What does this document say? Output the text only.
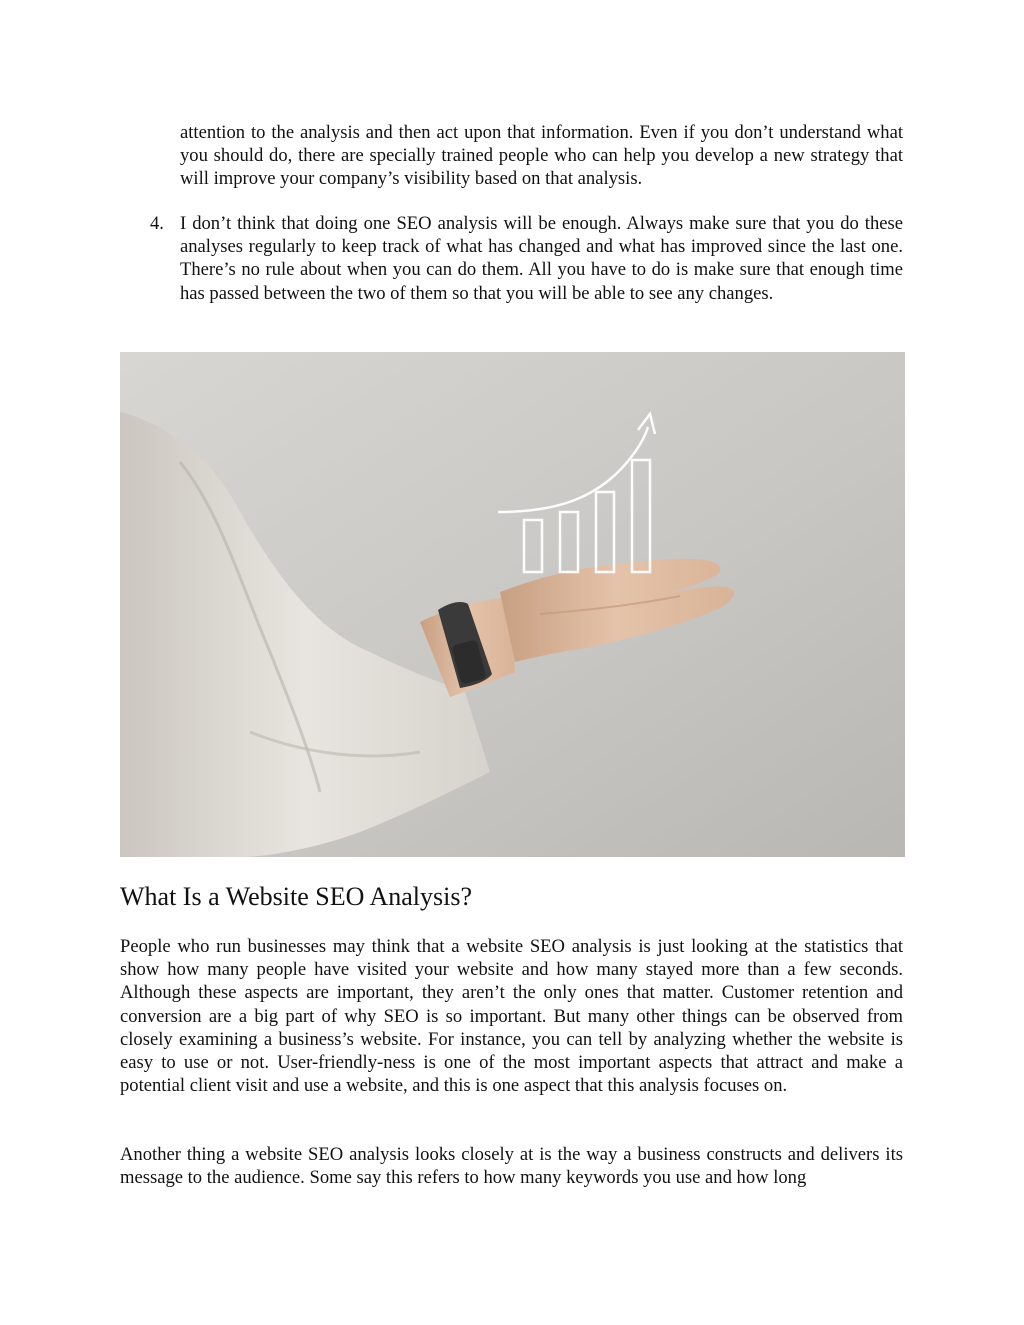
attention to the analysis and then act upon that information. Even if you don’t understand what you should do, there are specially trained people who can help you develop a new strategy that will improve your company’s visibility based on that analysis.

4. I don’t think that doing one SEO analysis will be enough. Always make sure that you do these analyses regularly to keep track of what has changed and what has improved since the last one. There’s no rule about when you can do them. All you have to do is make sure that enough time has passed between the two of them so that you will be able to see any changes.

What Is a Website SEO Analysis?

People who run businesses may think that a website SEO analysis is just looking at the statistics that show how many people have visited your website and how many stayed more than a few seconds. Although these aspects are important, they aren’t the only ones that matter. Customer retention and conversion are a big part of why SEO is so important. But many other things can be observed from closely examining a business’s website. For instance, you can tell by analyzing whether the website is easy to use or not. User-friendly-ness is one of the most important aspects that attract and make a potential client visit and use a website, and this is one aspect that this analysis focuses on.

Another thing a website SEO analysis looks closely at is the way a business constructs and delivers its message to the audience. Some say this refers to how many keywords you use and how long
